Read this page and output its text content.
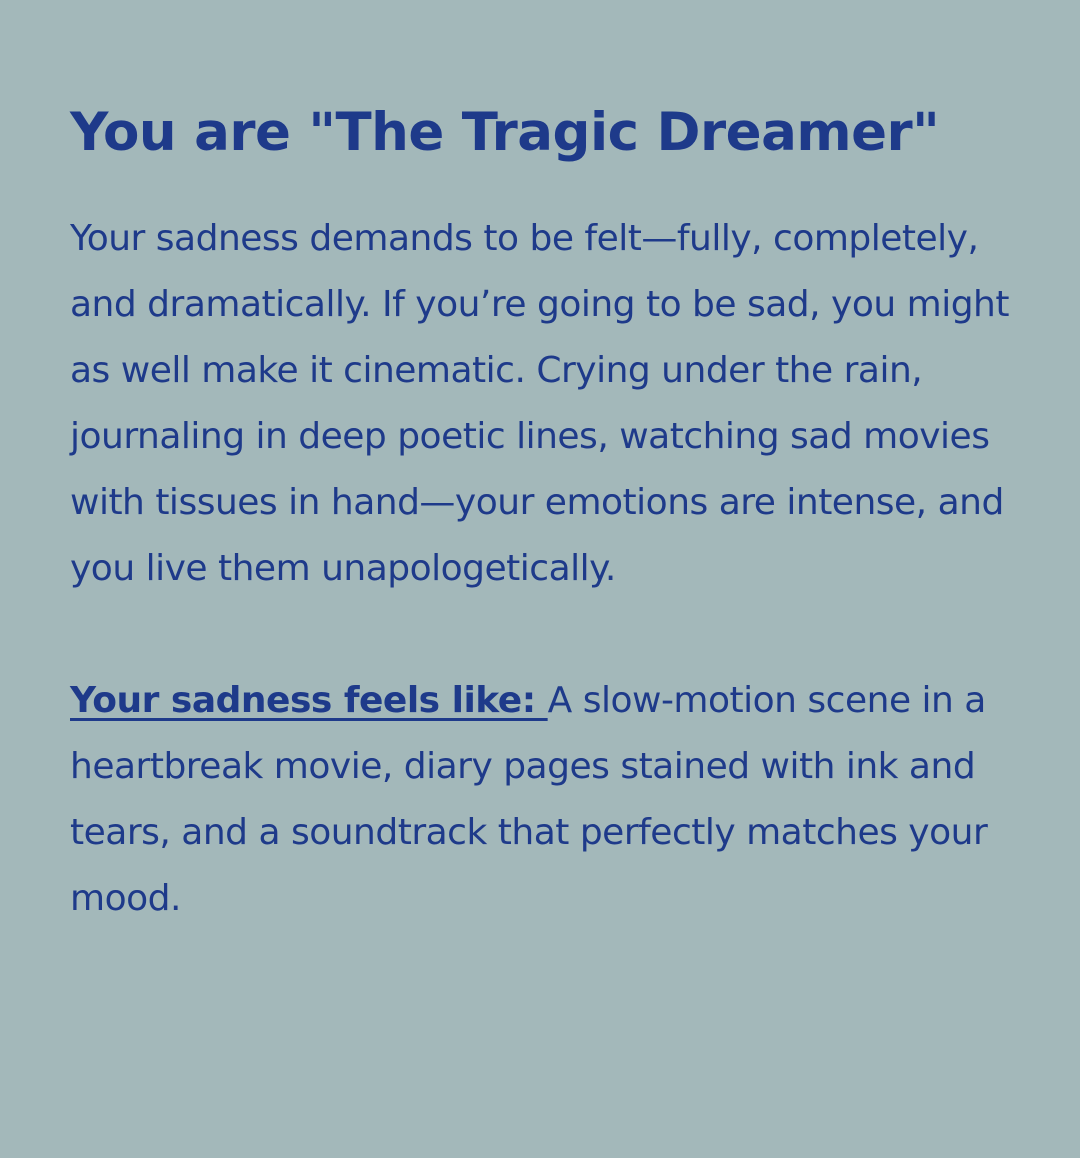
You are "The Tragic Dreamer"

Your sadness demands to be felt—fully, completely, and dramatically. If you’re going to be sad, you might as well make it cinematic. Crying under the rain, journaling in deep poetic lines, watching sad movies with tissues in hand—your emotions are intense, and you live them unapologetically.

Your sadness feels like: A slow-motion scene in a heartbreak movie, diary pages stained with ink and tears, and a soundtrack that perfectly matches your mood.
